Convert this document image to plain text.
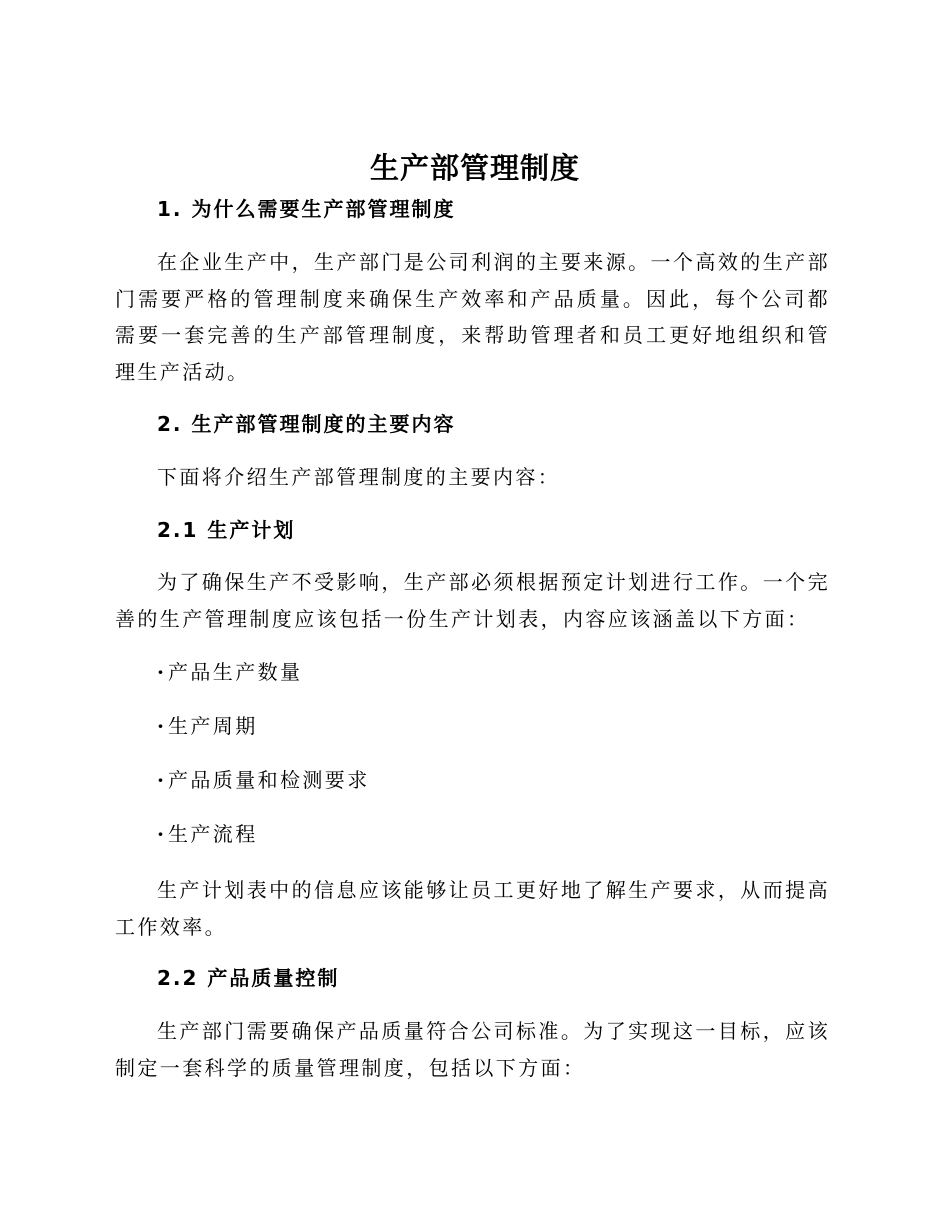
生产部管理制度
1. 为什么需要生产部管理制度
在企业生产中，生产部门是公司利润的主要来源。一个高效的生产部门需要严格的管理制度来确保生产效率和产品质量。因此，每个公司都需要一套完善的生产部管理制度，来帮助管理者和员工更好地组织和管理生产活动。
2. 生产部管理制度的主要内容
下面将介绍生产部管理制度的主要内容：
2.1 生产计划
为了确保生产不受影响，生产部必须根据预定计划进行工作。一个完善的生产管理制度应该包括一份生产计划表，内容应该涵盖以下方面：
·产品生产数量
·生产周期
·产品质量和检测要求
·生产流程
生产计划表中的信息应该能够让员工更好地了解生产要求，从而提高工作效率。
2.2 产品质量控制
生产部门需要确保产品质量符合公司标准。为了实现这一目标，应该制定一套科学的质量管理制度，包括以下方面：
